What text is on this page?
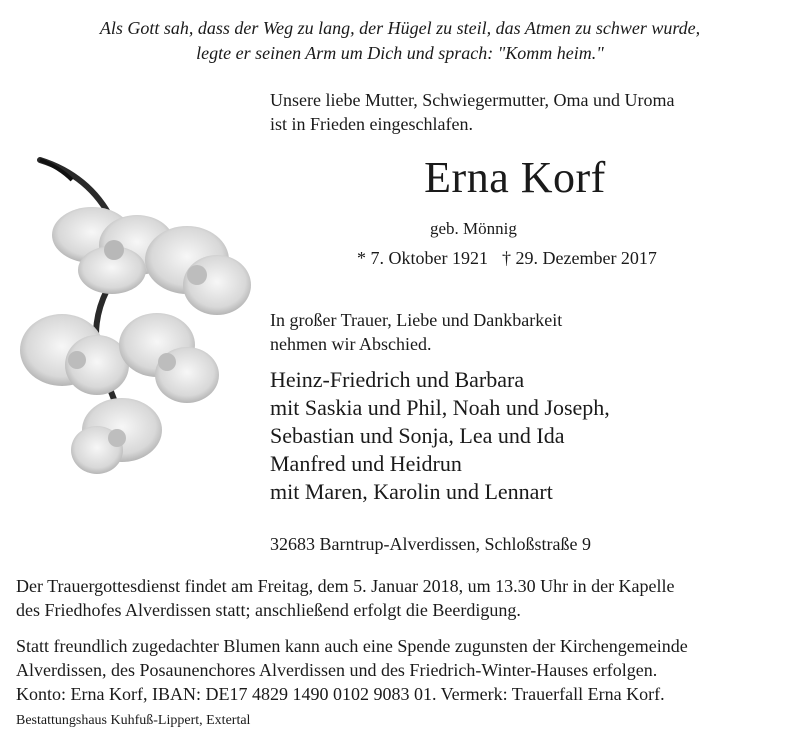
Als Gott sah, dass der Weg zu lang, der Hügel zu steil, das Atmen zu schwer wurde,
legte er seinen Arm um Dich und sprach: "Komm heim."
Unsere liebe Mutter, Schwiegermutter, Oma und Uroma
ist in Frieden eingeschlafen.
Erna Korf
geb. Mönnig
* 7. Oktober 1921 † 29. Dezember 2017
In großer Trauer, Liebe und Dankbarkeit
nehmen wir Abschied.
Heinz-Friedrich und Barbara
mit Saskia und Phil, Noah und Joseph,
Sebastian und Sonja, Lea und Ida
Manfred und Heidrun
mit Maren, Karolin und Lennart
32683 Barntrup-Alverdissen, Schloßstraße 9
Der Trauergottesdienst findet am Freitag, dem 5. Januar 2018, um 13.30 Uhr in der Kapelle
des Friedhofes Alverdissen statt; anschließend erfolgt die Beerdigung.
Statt freundlich zugedachter Blumen kann auch eine Spende zugunsten der Kirchengemeinde
Alverdissen, des Posaunenchores Alverdissen und des Friedrich-Winter-Hauses erfolgen.
Konto: Erna Korf, IBAN: DE17 4829 1490 0102 9083 01. Vermerk: Trauerfall Erna Korf.
Bestattungshaus Kuhfuß-Lippert, Extertal
